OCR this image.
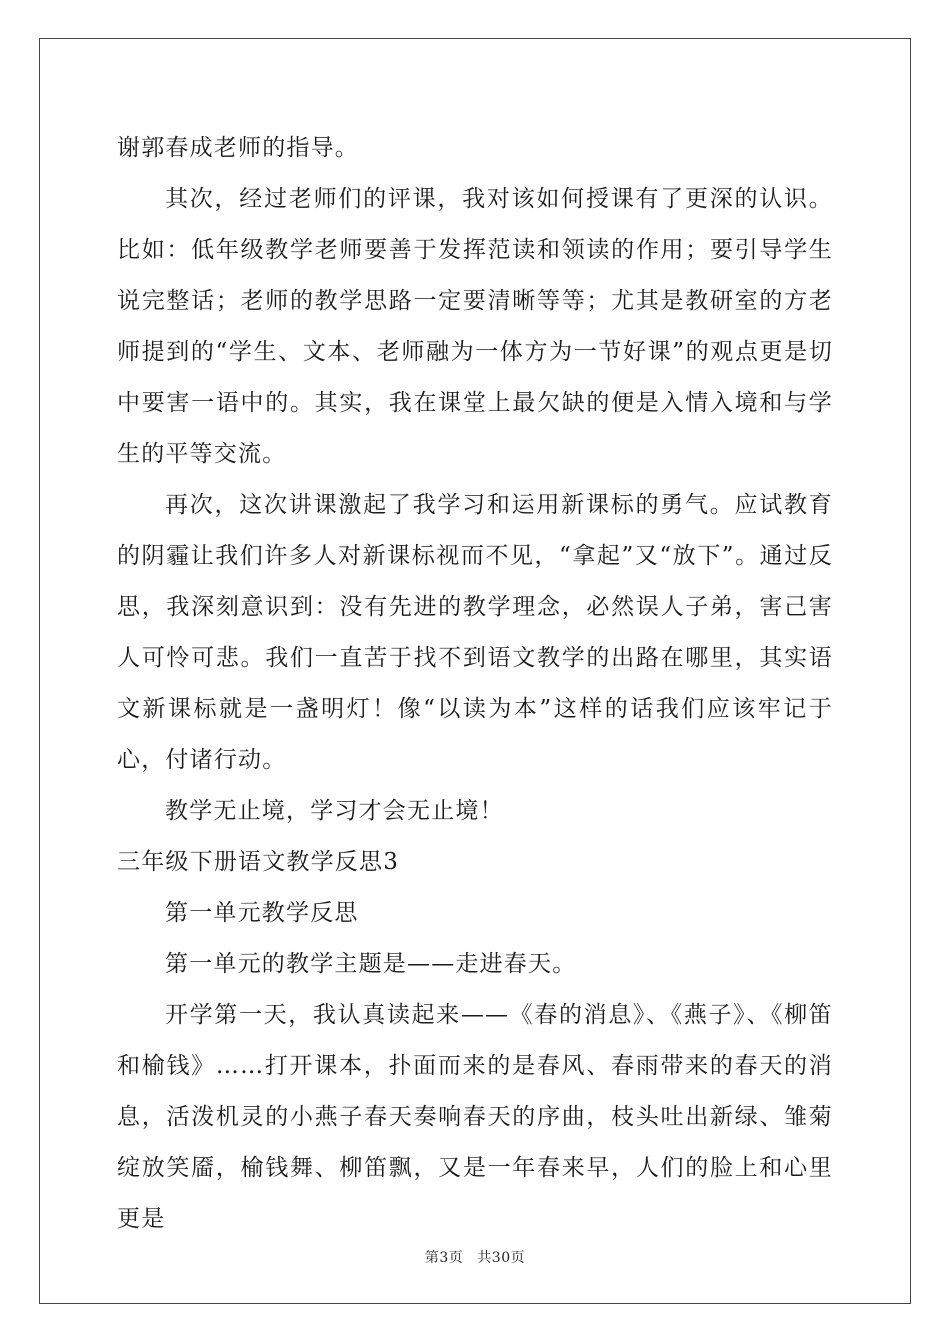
谢郭春成老师的指导。

其次，经过老师们的评课，我对该如何授课有了更深的认识。比如：低年级教学老师要善于发挥范读和领读的作用；要引导学生说完整话；老师的教学思路一定要清晰等等；尤其是教研室的方老师提到的“学生、文本、老师融为一体方为一节好课”的观点更是切中要害一语中的。其实，我在课堂上最欠缺的便是入情入境和与学生的平等交流。

再次，这次讲课激起了我学习和运用新课标的勇气。应试教育的阴霾让我们许多人对新课标视而不见，“拿起”又“放下”。通过反思，我深刻意识到：没有先进的教学理念，必然误人子弟，害己害人可怜可悲。我们一直苦于找不到语文教学的出路在哪里，其实语文新课标就是一盏明灯！像“以读为本”这样的话我们应该牢记于心，付诸行动。

教学无止境，学习才会无止境！

三年级下册语文教学反思3

第一单元教学反思

第一单元的教学主题是——走进春天。

开学第一天，我认真读起来——《春的消息》、《燕子》、《柳笛和榆钱》……打开课本，扑面而来的是春风、春雨带来的春天的消息，活泼机灵的小燕子春天奏响春天的序曲，枝头吐出新绿、雏菊绽放笑靥，榆钱舞、柳笛飘，又是一年春来早，人们的脸上和心里更是

第3页 共30页
